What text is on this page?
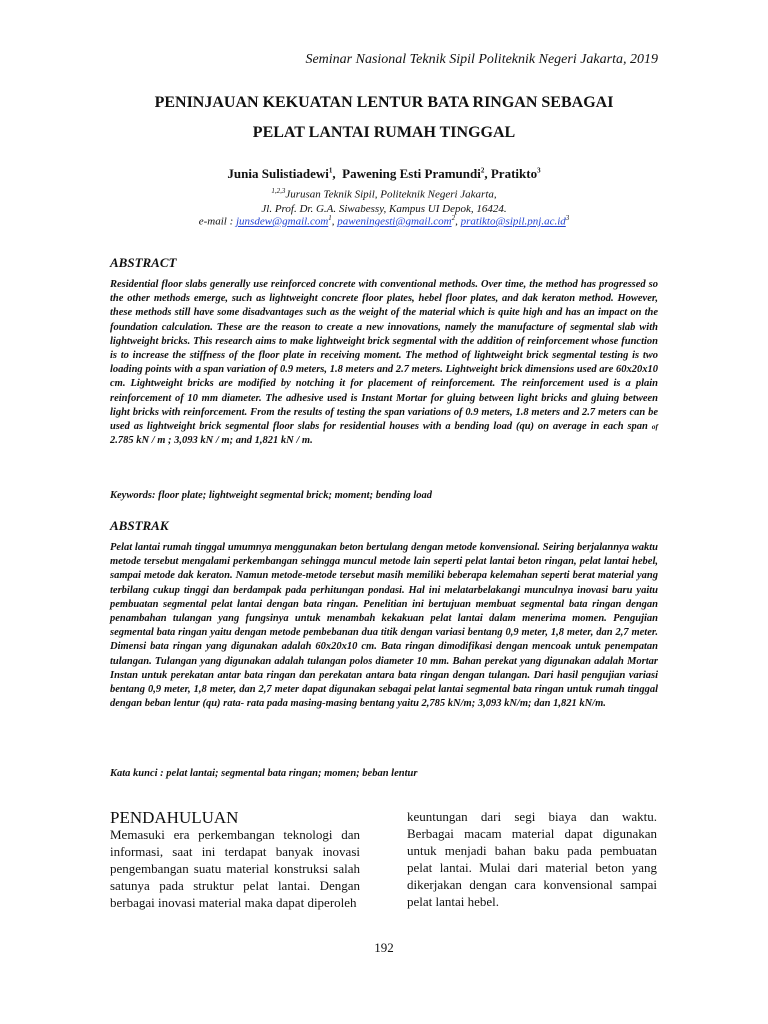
Seminar Nasional Teknik Sipil Politeknik Negeri Jakarta, 2019
PENINJAUAN KEKUATAN LENTUR BATA RINGAN SEBAGAI
PELAT LANTAI RUMAH TINGGAL
Junia Sulistiadewi$^1$,  Pawening Esti Pramundi$^2$, Pratikto$^3$
$^{1,2,3}$Jurusan Teknik Sipil, Politeknik Negeri Jakarta,
Jl. Prof. Dr. G.A. Siwabessy, Kampus UI Depok, 16424.
e-mail : junsdew@gmail.com$^1$, paweningesti@gmail.com$^2$, $pratikto@sipil.pnj.ac.id^3$
ABSTRACT

Residential floor slabs generally use reinforced concrete with conventional methods. Over time, the method has progressed so the other methods emerge, such as lightweight concrete floor plates, hebel floor plates, and dak keraton method. However, these methods still have some disadvantages such as the weight of the material which is quite high and has an impact on the foundation calculation. These are the reason to create a new innovations, namely the manufacture of segmental slab with lightweight bricks. This research aims to make lightweight brick segmental with the addition of reinforcement whose function is to increase the stiffness of the floor plate in receiving moment. The method of lightweight brick segmental testing is two loading points with a span variation of 0.9 meters, 1.8 meters and 2.7 meters. Lightweight brick dimensions used are 60x20x10 cm. Lightweight bricks are modified by notching it for placement of reinforcement. The reinforcement used is a plain reinforcement of 10 mm diameter. The adhesive used is Instant Mortar for gluing between light bricks and gluing between light bricks with reinforcement. From the results of testing the span variations of 0.9 meters, 1.8 meters and 2.7 meters can be used as lightweight brick segmental floor slabs for residential houses with a bending load (qu) on average in each span of 2.785 kN / m ; 3,093 kN / m; and 1,821 kN / m.

Keywords: floor plate; lightweight segmental brick; moment; bending load
ABSTRAK

Pelat lantai rumah tinggal umumnya menggunakan beton bertulang dengan metode konvensional. Seiring berjalannya waktu metode tersebut mengalami perkembangan sehingga muncul metode lain seperti pelat lantai beton ringan, pelat lantai hebel, sampai metode dak keraton. Namun metode-metode tersebut masih memiliki beberapa kelemahan seperti berat material yang terbilang cukup tinggi dan berdampak pada perhitungan pondasi. Hal ini melatarbelakangi munculnya inovasi baru yaitu pembuatan segmental pelat lantai dengan bata ringan. Penelitian ini bertujuan membuat segmental bata ringan dengan penambahan tulangan yang fungsinya untuk menambah kekakuan pelat lantai dalam menerima momen. Pengujian segmental bata ringan yaitu dengan metode pembebanan dua titik dengan variasi bentang 0,9 meter, 1,8 meter, dan 2,7 meter. Dimensi bata ringan yang digunakan adalah 60x20x10 cm. Bata ringan dimodifikasi dengan mencoak untuk penempatan tulangan. Tulangan yang digunakan adalah tulangan polos diameter 10 mm. Bahan perekat yang digunakan adalah Mortar Instan untuk perekatan antar bata ringan dan perekatan antara bata ringan dengan tulangan. Dari hasil pengujian variasi bentang 0,9 meter, 1,8 meter, dan 2,7 meter dapat digunakan sebagai pelat lantai segmental bata ringan untuk rumah tinggal dengan beban lentur (qu) rata- rata pada masing-masing bentang yaitu 2,785 kN/m; 3,093 kN/m; dan 1,821 kN/m.

Kata kunci : pelat lantai; segmental bata ringan; momen; beban lentur
PENDAHULUAN

Memasuki era perkembangan teknologi dan informasi, saat ini terdapat banyak inovasi pengembangan suatu material konstruksi salah satunya pada struktur pelat lantai. Dengan berbagai inovasi material maka dapat diperoleh

keuntungan dari segi biaya dan waktu. Berbagai macam material dapat digunakan untuk menjadi bahan baku pada pembuatan pelat lantai. Mulai dari material beton yang dikerjakan dengan cara konvensional sampai pelat lantai hebel.

192
